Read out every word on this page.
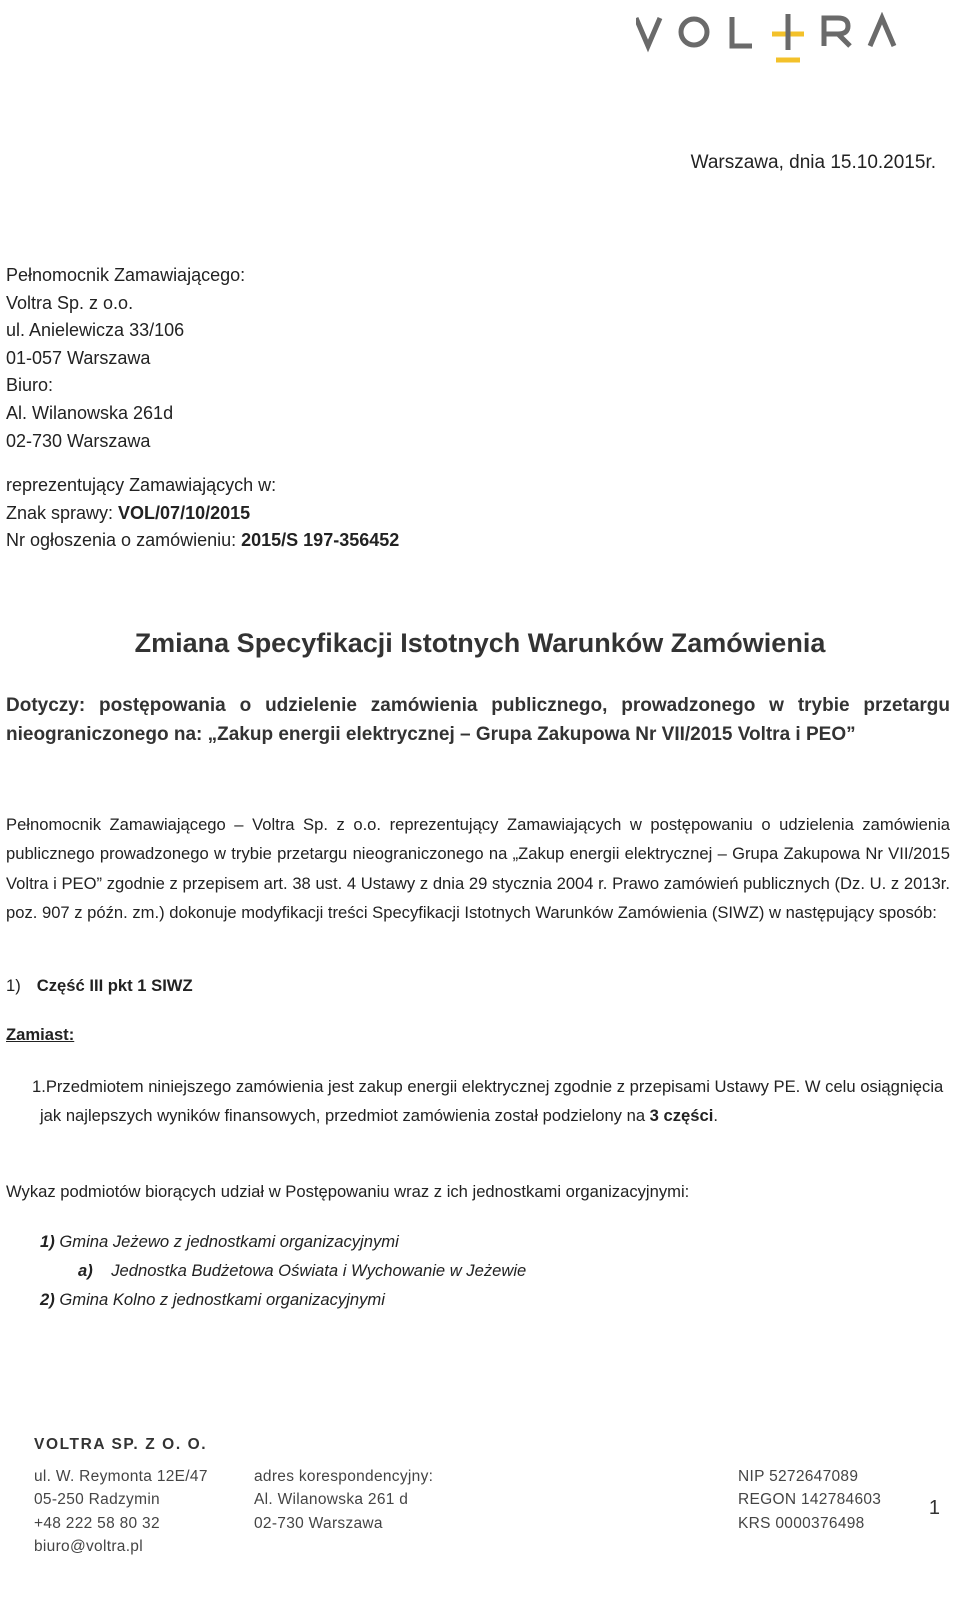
Warszawa, dnia 15.10.2015r.
Pełnomocnik Zamawiającego:
Voltra Sp. z o.o.
ul. Anielewicza 33/106
01-057 Warszawa
Biuro:
Al. Wilanowska 261d
02-730 Warszawa
reprezentujący Zamawiających w:
Znak sprawy: VOL/07/10/2015
Nr ogłoszenia o zamówieniu: 2015/S 197-356452
Zmiana Specyfikacji Istotnych Warunków Zamówienia
Dotyczy: postępowania o udzielenie zamówienia publicznego, prowadzonego w trybie przetargu nieograniczonego na: „Zakup energii elektrycznej – Grupa Zakupowa Nr VII/2015 Voltra i PEO”
Pełnomocnik Zamawiającego – Voltra Sp. z o.o. reprezentujący Zamawiających w postępowaniu o udzielenia zamówienia publicznego prowadzonego w trybie przetargu nieograniczonego na „Zakup energii elektrycznej – Grupa Zakupowa Nr VII/2015 Voltra i PEO” zgodnie z przepisem art. 38 ust. 4 Ustawy z dnia 29 stycznia 2004 r. Prawo zamówień publicznych (Dz. U. z 2013r. poz. 907 z późn. zm.) dokonuje modyfikacji treści Specyfikacji Istotnych Warunków Zamówienia (SIWZ) w następujący sposób:
1) Część III pkt 1 SIWZ
Zamiast:
1.Przedmiotem niniejszego zamówienia jest zakup energii elektrycznej zgodnie z przepisami Ustawy PE. W celu osiągnięcia jak najlepszych wyników finansowych, przedmiot zamówienia został podzielony na 3 części.
Wykaz podmiotów biorących udział w Postępowaniu wraz z ich jednostkami organizacyjnymi:
1) Gmina Jeżewo z jednostkami organizacyjnymi
a) Jednostka Budżetowa Oświata i Wychowanie w Jeżewie
2) Gmina Kolno z jednostkami organizacyjnymi
VOLTRA SP. Z O. O.
ul. W. Reymonta 12E/47
05-250 Radzymin
+48 222 58 80 32
biuro@voltra.pl
adres korespondencyjny:
Al. Wilanowska 261 d
02-730 Warszawa
NIP 5272647089
REGON 142784603
KRS 0000376498
1
